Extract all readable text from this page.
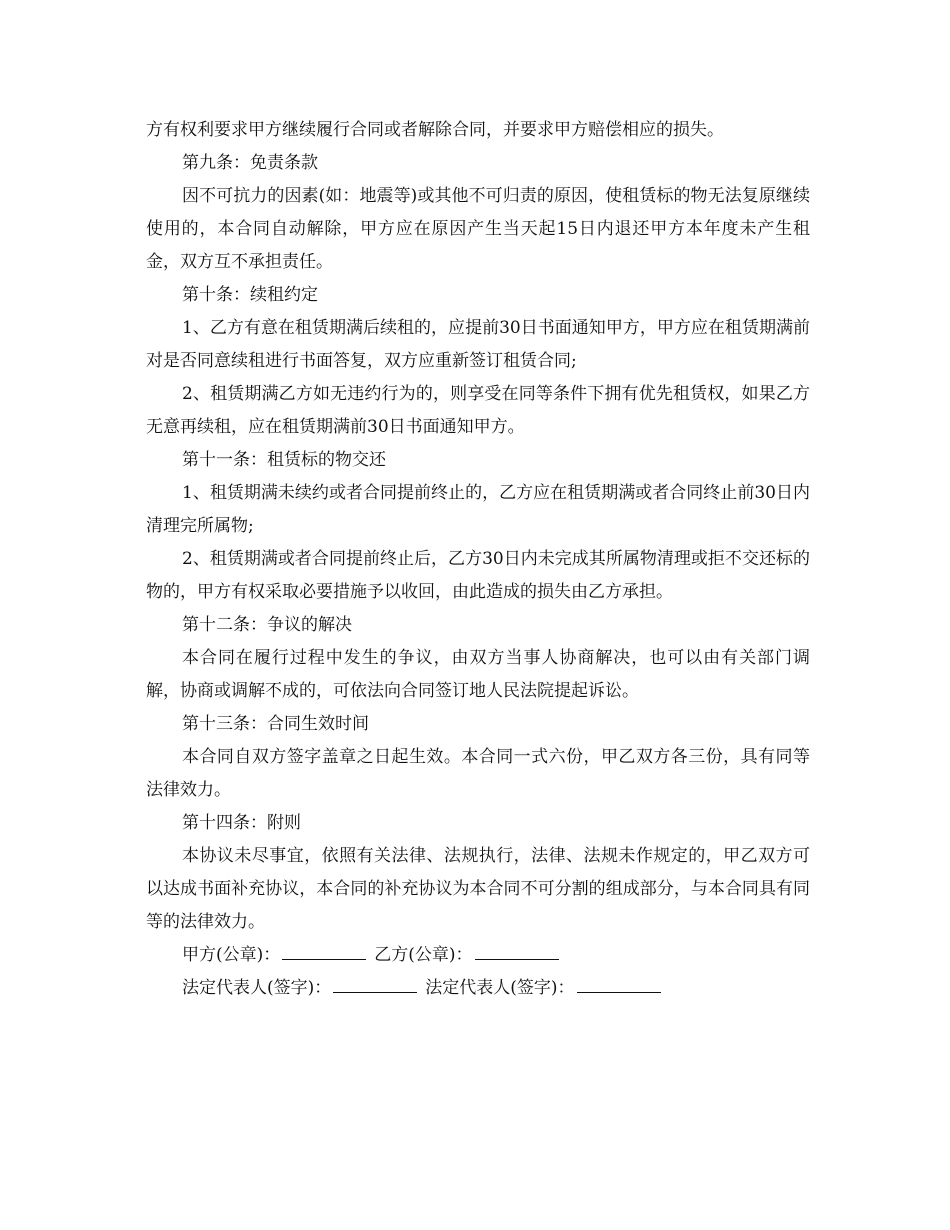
方有权利要求甲方继续履行合同或者解除合同，并要求甲方赔偿相应的损失。

第九条：免责条款

因不可抗力的因素(如：地震等)或其他不可归责的原因，使租赁标的物无法复原继续使用的，本合同自动解除，甲方应在原因产生当天起15日内退还甲方本年度未产生租金，双方互不承担责任。

第十条：续租约定

1、乙方有意在租赁期满后续租的，应提前30日书面通知甲方，甲方应在租赁期满前对是否同意续租进行书面答复，双方应重新签订租赁合同;

2、租赁期满乙方如无违约行为的，则享受在同等条件下拥有优先租赁权，如果乙方无意再续租，应在租赁期满前30日书面通知甲方。

第十一条：租赁标的物交还

1、租赁期满未续约或者合同提前终止的，乙方应在租赁期满或者合同终止前30日内清理完所属物;

2、租赁期满或者合同提前终止后，乙方30日内未完成其所属物清理或拒不交还标的物的，甲方有权采取必要措施予以收回，由此造成的损失由乙方承担。

第十二条：争议的解决

本合同在履行过程中发生的争议，由双方当事人协商解决，也可以由有关部门调解，协商或调解不成的，可依法向合同签订地人民法院提起诉讼。

第十三条：合同生效时间

本合同自双方签字盖章之日起生效。本合同一式六份，甲乙双方各三份，具有同等法律效力。

第十四条：附则

本协议未尽事宜，依照有关法律、法规执行，法律、法规未作规定的，甲乙双方可以达成书面补充协议，本合同的补充协议为本合同不可分割的组成部分，与本合同具有同等的法律效力。

甲方(公章)：	乙方(公章)：

法定代表人(签字)：	法定代表人(签字)：
